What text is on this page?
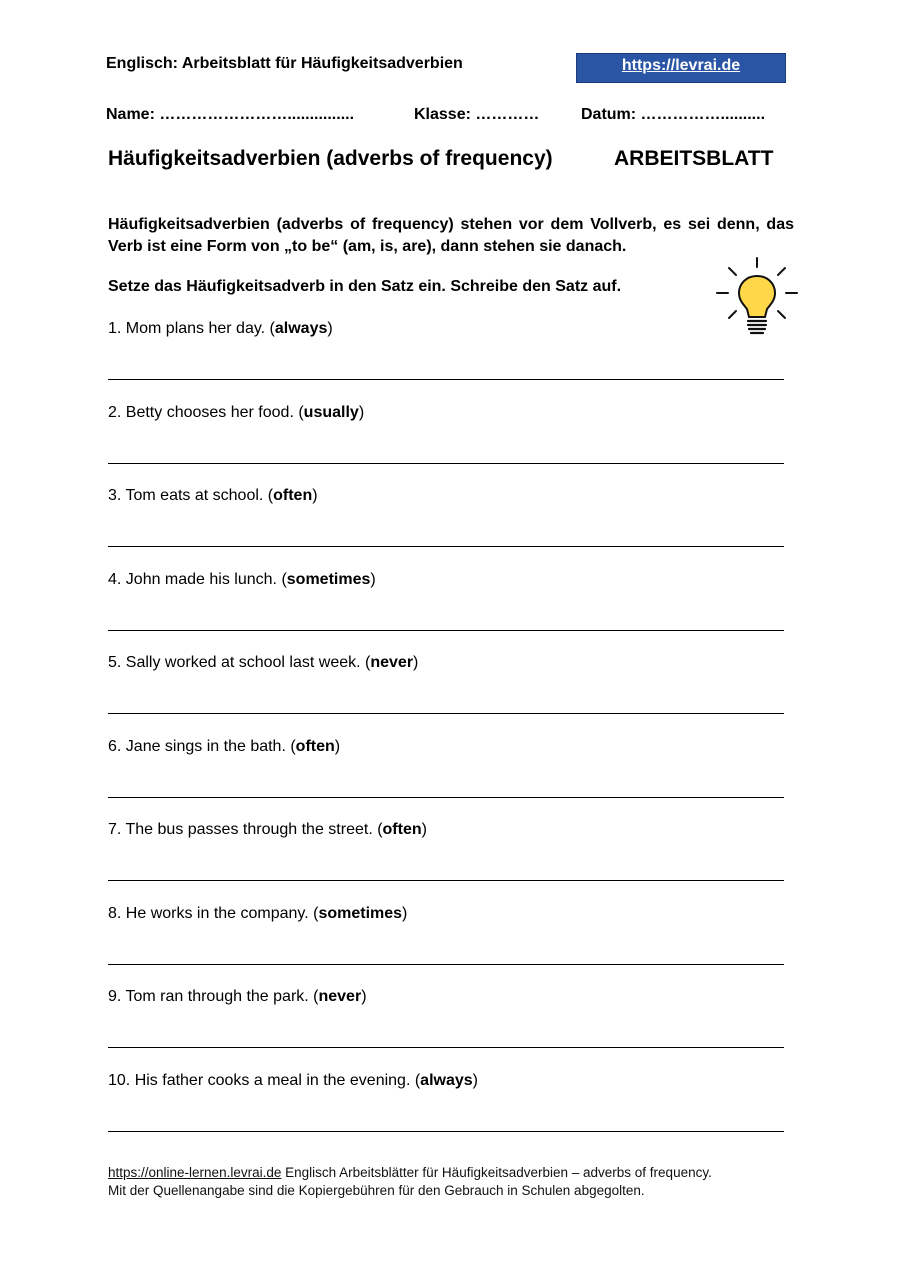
Englisch: Arbeitsblatt für Häufigkeitsadverbien	https://levrai.de
Name: ……………………...............	Klasse: …………	Datum: ……………..........
Häufigkeitsadverbien (adverbs of frequency)	ARBEITSBLATT
Häufigkeitsadverbien (adverbs of frequency) stehen vor dem Vollverb, es sei denn, das Verb ist eine Form von „to be“ (am, is, are), dann stehen sie danach.
Setze das Häufigkeitsadverb in den Satz ein. Schreibe den Satz auf.
1. Mom plans her day. (always)
2. Betty chooses her food. (usually)
3. Tom eats at school. (often)
4. John made his lunch. (sometimes)
5. Sally worked at school last week. (never)
6. Jane sings in the bath. (often)
7. The bus passes through the street. (often)
8. He works in the company. (sometimes)
9. Tom ran through the park. (never)
10. His father cooks a meal in the evening. (always)
https://online-lernen.levrai.de Englisch Arbeitsblätter für Häufigkeitsadverbien – adverbs of frequency.
Mit der Quellenangabe sind die Kopiergebühren für den Gebrauch in Schulen abgegolten.
